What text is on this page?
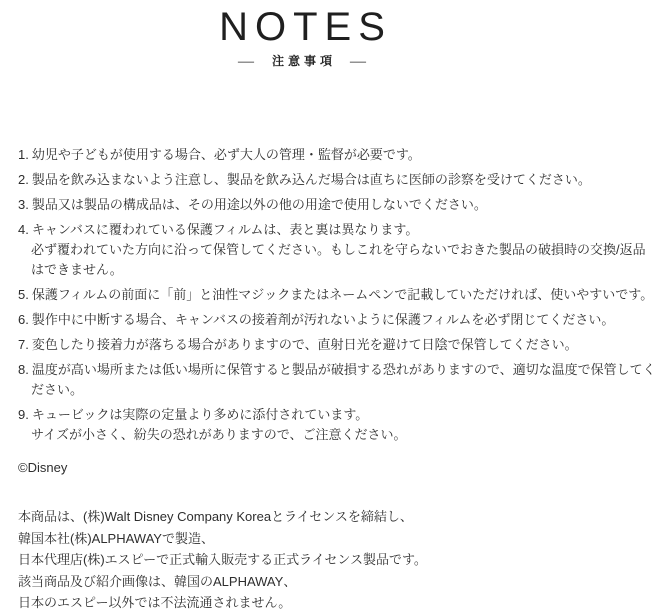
NOTES
—	注意事項 —
1. 幼児や子どもが使用する場合、必ず大人の管理・監督が必要です。
2. 製品を飲み込まないよう注意し、製品を飲み込んだ場合は直ちに医師の診察を受けてください。
3. 製品又は製品の構成品は、その用途以外の他の用途で使用しないでください。
4. キャンバスに覆われている保護フィルムは、表と裏は異なります。
必ず覆われていた方向に沿って保管してください。もしこれを守らないでおきた製品の破損時の交換/返品
はできません。
5. 保護フィルムの前面に「前」と油性マジックまたはネームペンで記載していただければ、使いやすいです。
6. 製作中に中断する場合、キャンバスの接着剤が汚れないように保護フィルムを必ず閉じてください。
7. 変色したり接着力が落ちる場合がありますので、直射日光を避けて日陰で保管してください。
8. 温度が高い場所または低い場所に保管すると製品が破損する恐れがありますので、適切な温度で保管してく
ださい。
9. キュービックは実際の定量より多めに添付されています。
サイズが小さく、紛失の恐れがありますので、ご注意ください。
©Disney
本商品は、(株)Walt Disney Company Koreaとライセンスを締結し、
韓国本社(株)ALPHAWAYで製造、
日本代理店(株)エスピーで正式輸入販売する正式ライセンス製品です。
該当商品及び紹介画像は、韓国のALPHAWAY、
日本のエスピー以外では不法流通されません。
